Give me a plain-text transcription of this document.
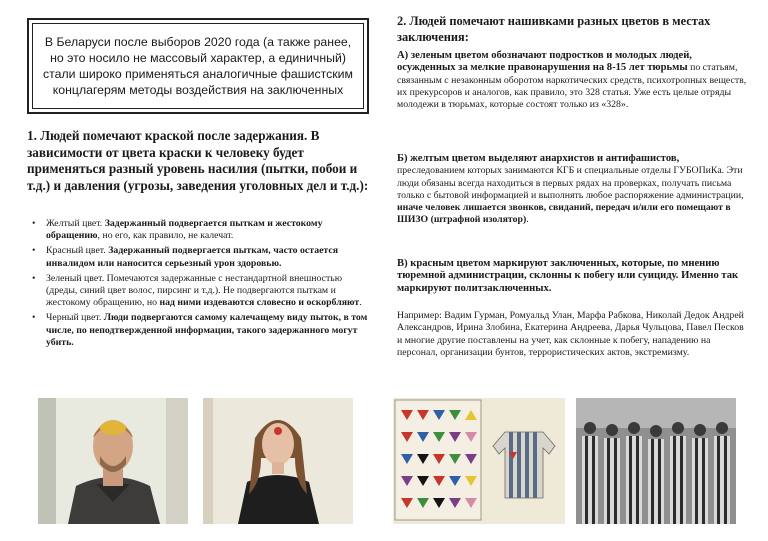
В Беларуси после выборов 2020 года (а также ранее, но это носило не массовый характер, а единичный) стали широко применяться аналогичные фашистским концлагерям методы воздействия на заключенных
1. Людей помечают краской после задержания. В зависимости от цвета краски к человеку будет применяться разный уровень насилия (пытки, побои и т.д.) и давления (угрозы, заведения уголовных дел и т.д.):
• Желтый цвет. Задержанный подвергается пыткам и жестокому обращению, но его, как правило, не калечат.
• Красный цвет. Задержанный подвергается пыткам, часто остается инвалидом или наносится серьезный урон здоровью.
• Зеленый цвет. Помечаются задержанные с нестандартной внешностью (дреды, синий цвет волос, пирсинг и т.д.). Не подвергаются пыткам и жестокому обращению, но над ними издеваются словесно и оскорбляют.
• Черный цвет. Люди подвергаются самому калечащему виду пыток, в том числе, по неподтвержденной информации, такого задержанного могут убить.
2. Людей помечают нашивками разных цветов в местах заключения:

А) зеленым цветом обозначают подростков и молодых людей, осужденных за мелкие правонарушения на 8-15 лет тюрьмы по статьям, связанным с незаконным оборотом наркотических средств, психотропных веществ, их прекурсоров и аналогов, как правило, это 328 статья. Уже есть целые отряды молодежи в тюрьмах, которые состоят только из «328».

Б) желтым цветом выделяют анархистов и антифашистов, преследованием которых занимаются КГБ и специальные отделы ГУБОПиКа. Эти люди обязаны всегда находиться в первых рядах на проверках, получать письма только с бытовой информацией и выполнять любое распоряжение администрации, иначе человек лишается звонков, свиданий, передач и/или его помещают в ШИЗО (штрафной изолятор).

В) красным цветом маркируют заключенных, которые, по мнению тюремной администрации, склонны к побегу или суициду. Именно так маркируют политзаключенных.

Например: Вадим Гурман, Ромуальд Улан, Марфа Рабкова, Николай Дедок Андрей Александров, Ирина Злобина, Екатерина Андреева, Дарья Чульцова, Павел Песков и многие другие поставлены на учет, как склонные к побегу, нападению на персонал, организации бунтов, террористических актов, экстремизму.
